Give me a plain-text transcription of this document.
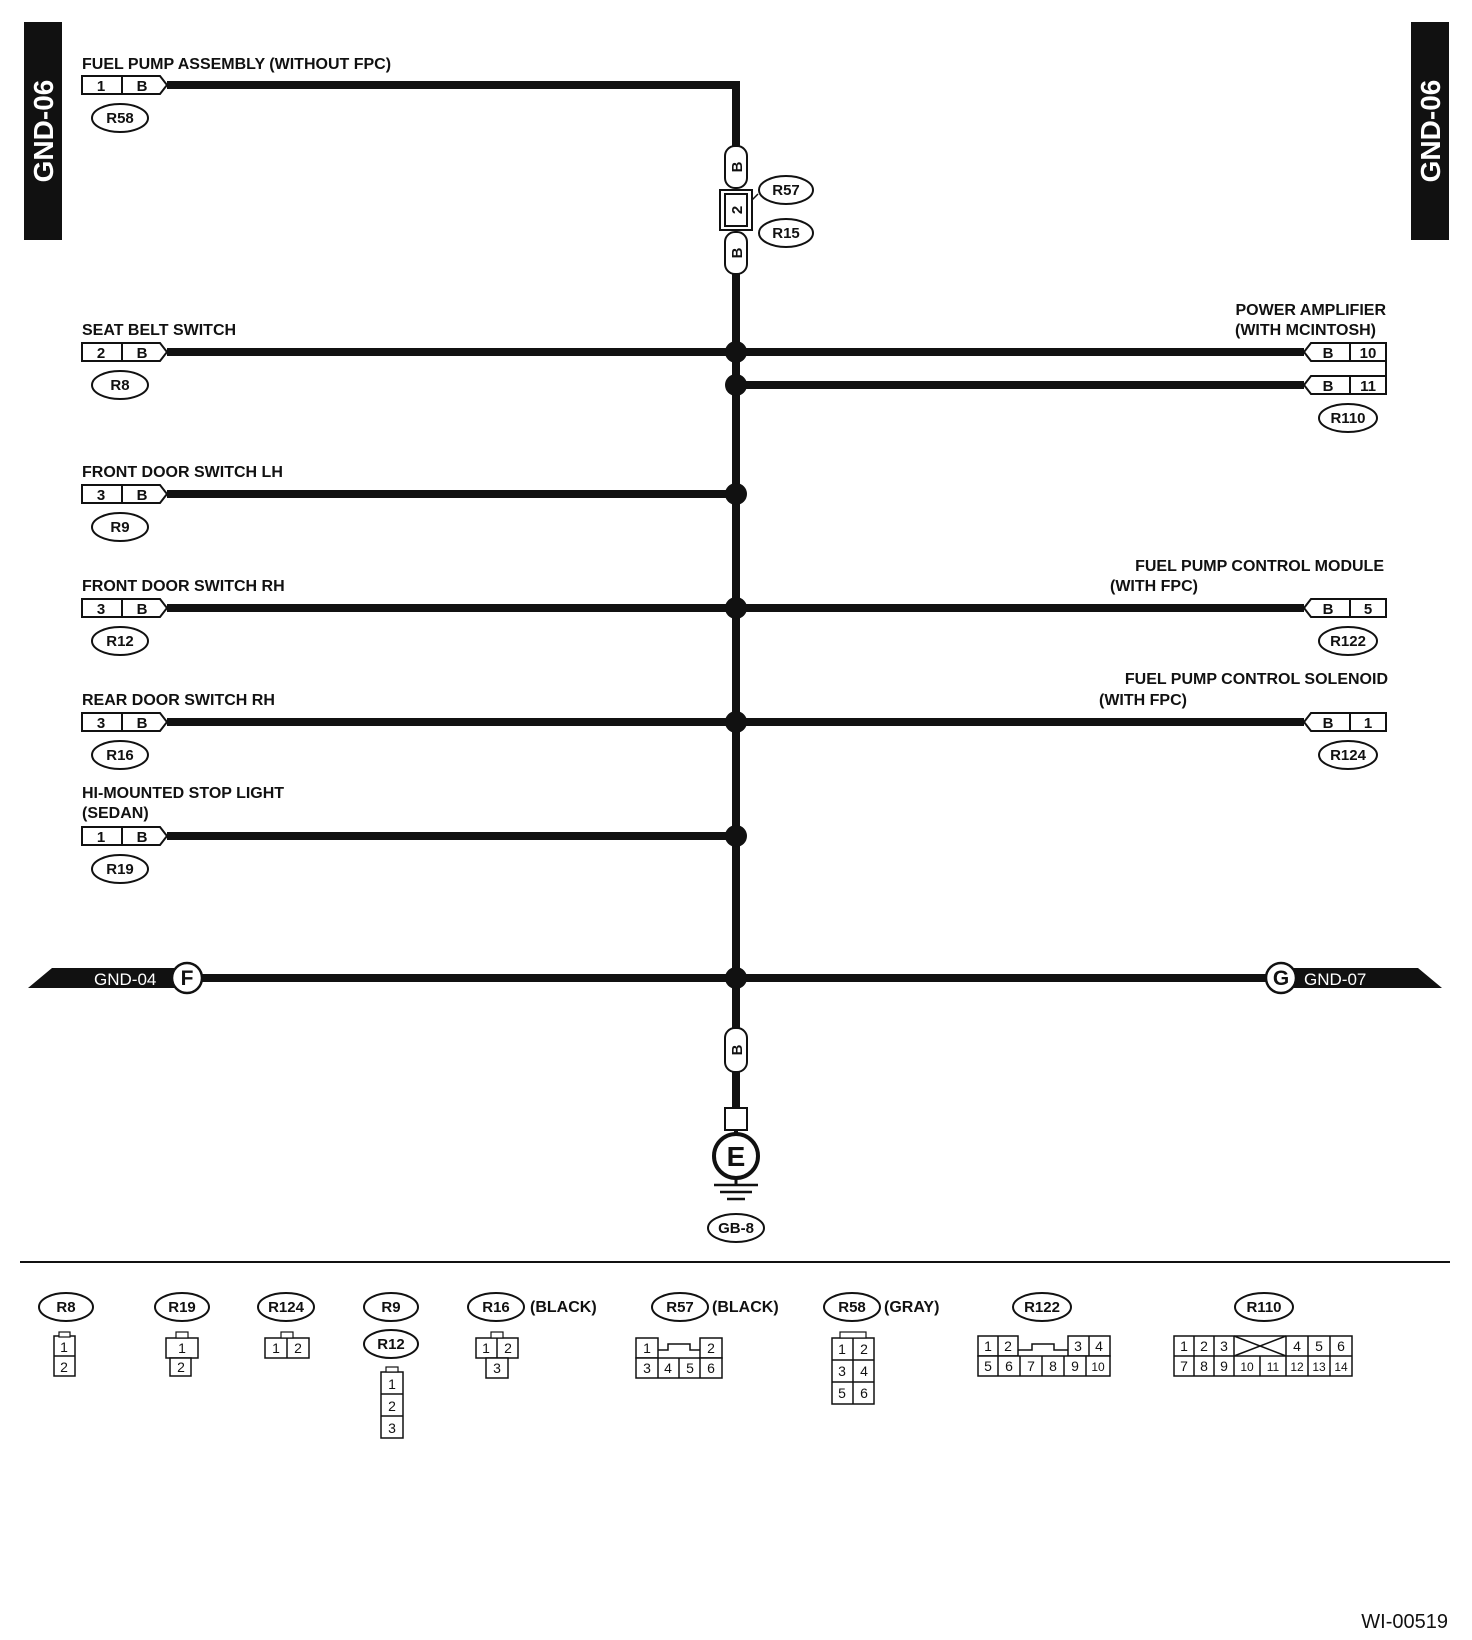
GND-06	GND-06
FUEL PUMP ASSEMBLY (WITHOUT FPC)
1 B
R58
B
2
B
R57
R15
SEAT BELT SWITCH
2 B
R8
FRONT DOOR SWITCH LH
3 B
R9
FRONT DOOR SWITCH RH
3 B
R12
REAR DOOR SWITCH RH
3 B
R16
HI-MOUNTED STOP LIGHT
(SEDAN)
1 B
R19
POWER AMPLIFIER
(WITH MCINTOSH)
B 10
B 11
R110
FUEL PUMP CONTROL MODULE
(WITH FPC)
B 5
R122
FUEL PUMP CONTROL SOLENOID
(WITH FPC)
B 1
R124
GND-04 F	G GND-07
B
E
GB-8
R8
1
2
R19
1
2
R124
1 2
R9
R12
1
2
3
R16 (BLACK)
1 2
3
R57 (BLACK)
1	2
3 4 5 6
R58 (GRAY)
1 2
3 4
5 6
R122
1 2	3 4
5 6 7 8 9 10
R110
1 2 3	4 5 6
7 8 9 10 11 12 13 14
WI-00519
